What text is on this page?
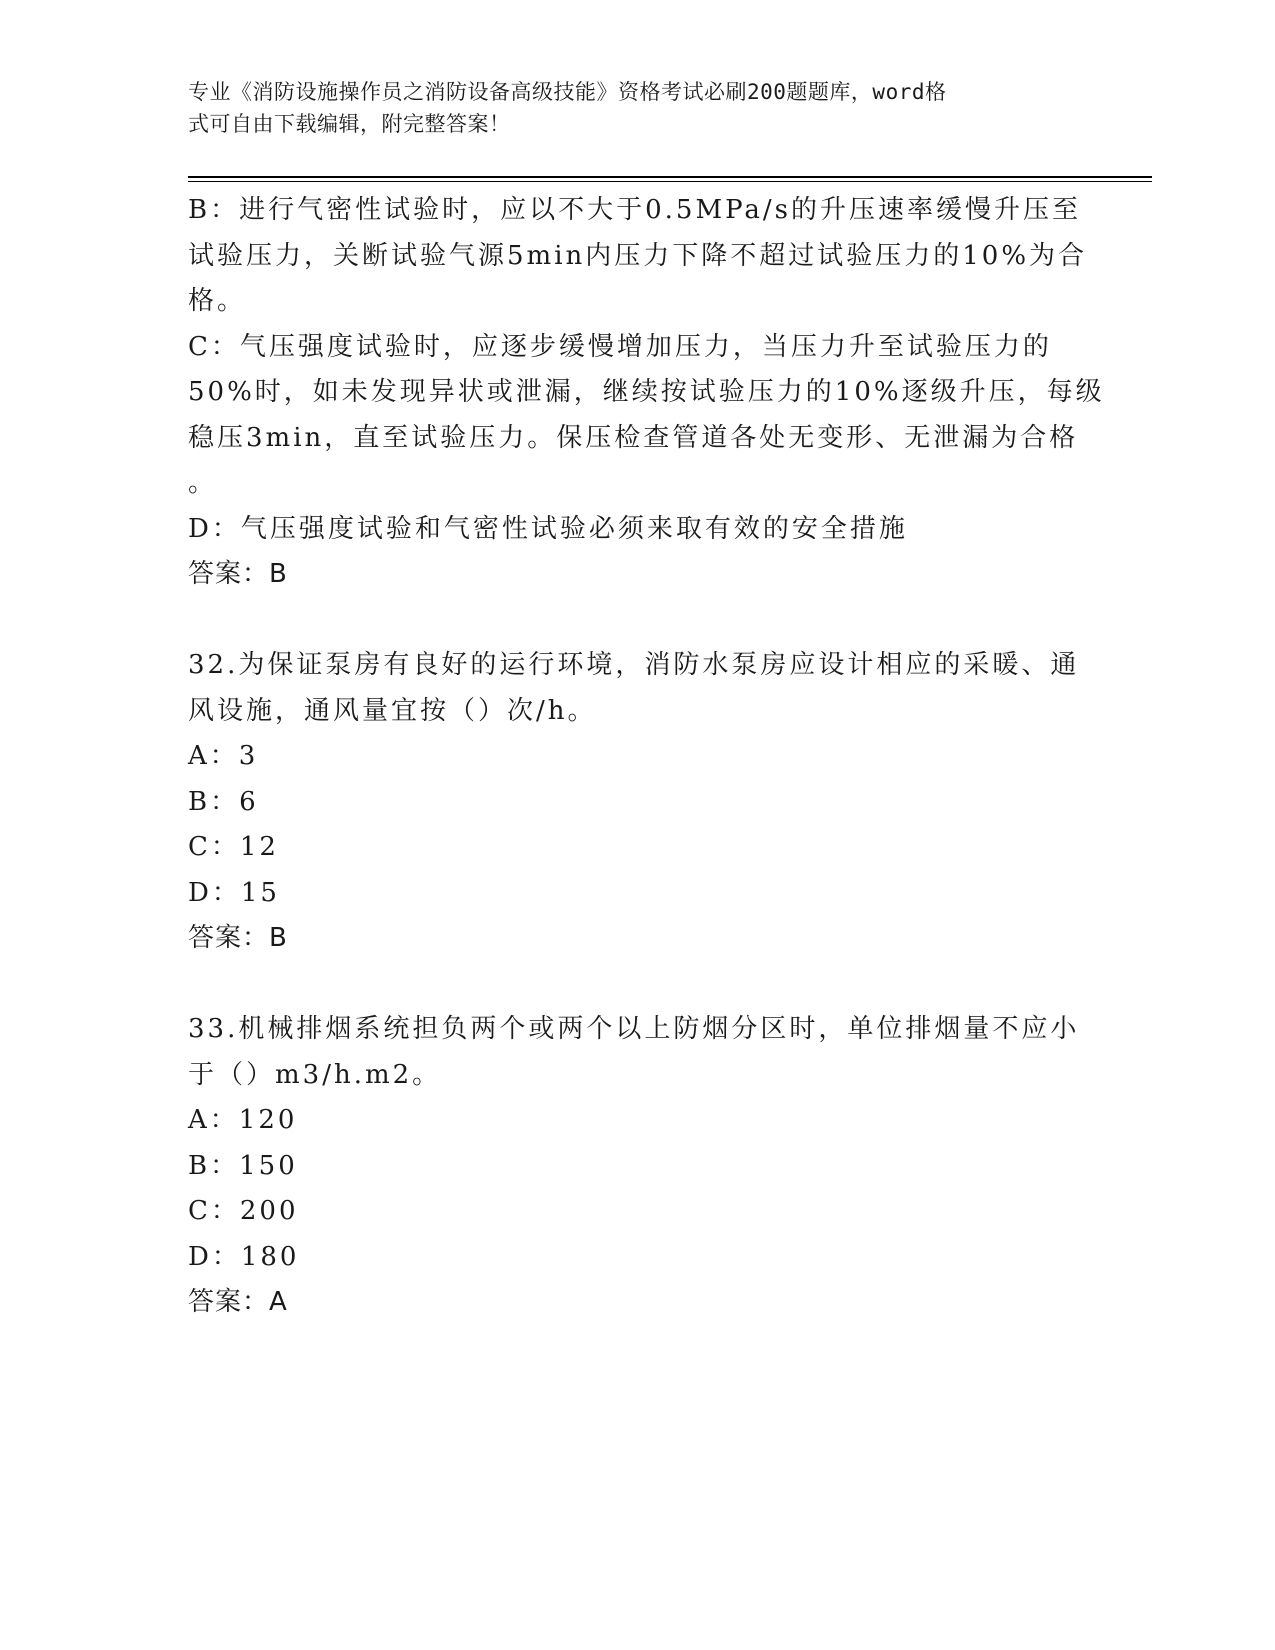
专业《消防设施操作员之消防设备高级技能》资格考试必刷200题题库，word格
式可自由下载编辑，附完整答案！
B：进行气密性试验时，应以不大于0.5MPa/s的升压速率缓慢升压至
试验压力，关断试验气源5min内压力下降不超过试验压力的10%为合
格。
C：气压强度试验时，应逐步缓慢增加压力，当压力升至试验压力的
50%时，如未发现异状或泄漏，继续按试验压力的10%逐级升压，每级
稳压3min，直至试验压力。保压检查管道各处无变形、无泄漏为合格
。
D：气压强度试验和气密性试验必须来取有效的安全措施
答案：B
32.为保证泵房有良好的运行环境，消防水泵房应设计相应的采暖、通
风设施，通风量宜按（）次/h。
A：3
B：6
C：12
D：15
答案：B
33.机械排烟系统担负两个或两个以上防烟分区时，单位排烟量不应小
于（）m3/h.m2。
A：120
B：150
C：200
D：180
答案：A
